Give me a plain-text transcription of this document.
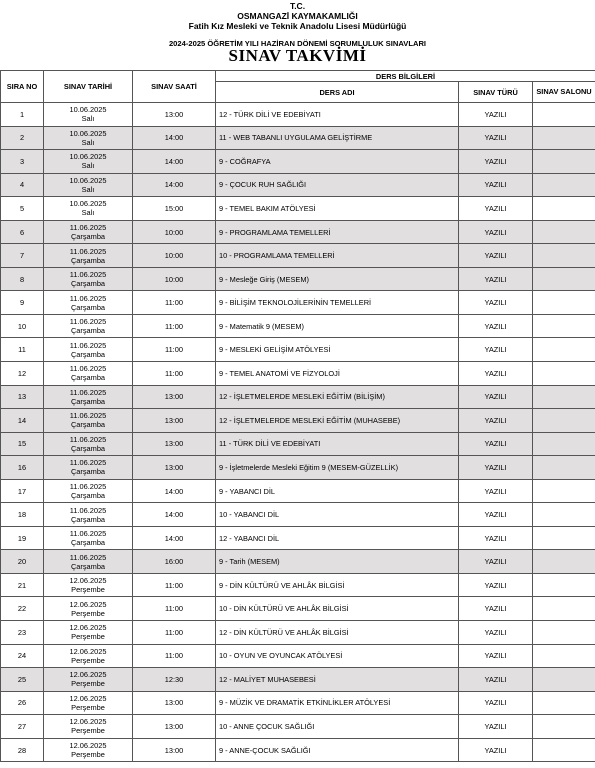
T.C.
OSMANGAZİ KAYMAKAMLIĞI
Fatih Kız Mesleki ve Teknik Anadolu Lisesi Müdürlüğü
2024-2025 ÖĞRETİM YILI HAZİRAN DÖNEMİ SORUMLULUK SINAVLARI
SINAV TAKVİMİ
SIRA NO	SINAV TARİHİ	SINAV SAATİ	DERS BİLGİLERİ		
			DERS ADI	SINAV TÜRÜ	SINAV SALONU
1	10.06.2025
Salı	13:00	12 - TÜRK DİLİ VE EDEBİYATI	YAZILI	
2	10.06.2025
Salı	14:00	11 - WEB TABANLI UYGULAMA GELİŞTİRME	YAZILI	
3	10.06.2025
Salı	14:00	9 - COĞRAFYA	YAZILI	
4	10.06.2025
Salı	14:00	9 - ÇOCUK RUH SAĞLIĞI	YAZILI	
5	10.06.2025
Salı	15:00	9 - TEMEL BAKIM ATÖLYESİ	YAZILI	
6	11.06.2025
Çarşamba	10:00	9 - PROGRAMLAMA TEMELLERİ	YAZILI	
7	11.06.2025
Çarşamba	10:00	10 - PROGRAMLAMA TEMELLERİ	YAZILI	
8	11.06.2025
Çarşamba	10:00	9 - Mesleğe Giriş (MESEM)	YAZILI	
9	11.06.2025
Çarşamba	11:00	9 - BİLİŞİM TEKNOLOJİLERİNİN TEMELLERİ	YAZILI	
10	11.06.2025
Çarşamba	11:00	9 - Matematik 9 (MESEM)	YAZILI	
11	11.06.2025
Çarşamba	11:00	9 - MESLEKİ GELİŞİM ATÖLYESİ	YAZILI	
12	11.06.2025
Çarşamba	11:00	9 - TEMEL ANATOMİ VE FİZYOLOJİ	YAZILI	
13	11.06.2025
Çarşamba	13:00	12 - İŞLETMELERDE MESLEKİ EĞİTİM (BİLİŞİM)	YAZILI	
14	11.06.2025
Çarşamba	13:00	12 - İŞLETMELERDE MESLEKİ EĞİTİM (MUHASEBE)	YAZILI	
15	11.06.2025
Çarşamba	13:00	11 - TÜRK DİLİ VE EDEBİYATI	YAZILI	
16	11.06.2025
Çarşamba	13:00	9 - İşletmelerde Mesleki Eğitim 9 (MESEM-GÜZELLİK)	YAZILI	
17	11.06.2025
Çarşamba	14:00	9 - YABANCI DİL	YAZILI	
18	11.06.2025
Çarşamba	14:00	10 - YABANCI DİL	YAZILI	
19	11.06.2025
Çarşamba	14:00	12 - YABANCI DİL	YAZILI	
20	11.06.2025
Çarşamba	16:00	9 - Tarih (MESEM)	YAZILI	
21	12.06.2025
Perşembe	11:00	9 - DİN KÜLTÜRÜ VE AHLÂK BİLGİSİ	YAZILI	
22	12.06.2025
Perşembe	11:00	10 - DİN KÜLTÜRÜ VE AHLÂK BİLGİSİ	YAZILI	
23	12.06.2025
Perşembe	11:00	12 - DİN KÜLTÜRÜ VE AHLÂK BİLGİSİ	YAZILI	
24	12.06.2025
Perşembe	11:00	10 - OYUN VE OYUNCAK ATÖLYESİ	YAZILI	
25	12.06.2025
Perşembe	12:30	12 - MALİYET MUHASEBESİ	YAZILI	
26	12.06.2025
Perşembe	13:00	9 - MÜZİK VE DRAMATİK ETKİNLİKLER ATÖLYESİ	YAZILI	
27	12.06.2025
Perşembe	13:00	10 - ANNE ÇOCUK SAĞLIĞI	YAZILI	
28	12.06.2025
Perşembe	13:00	9 - ANNE-ÇOCUK SAĞLIĞI	YAZILI	
